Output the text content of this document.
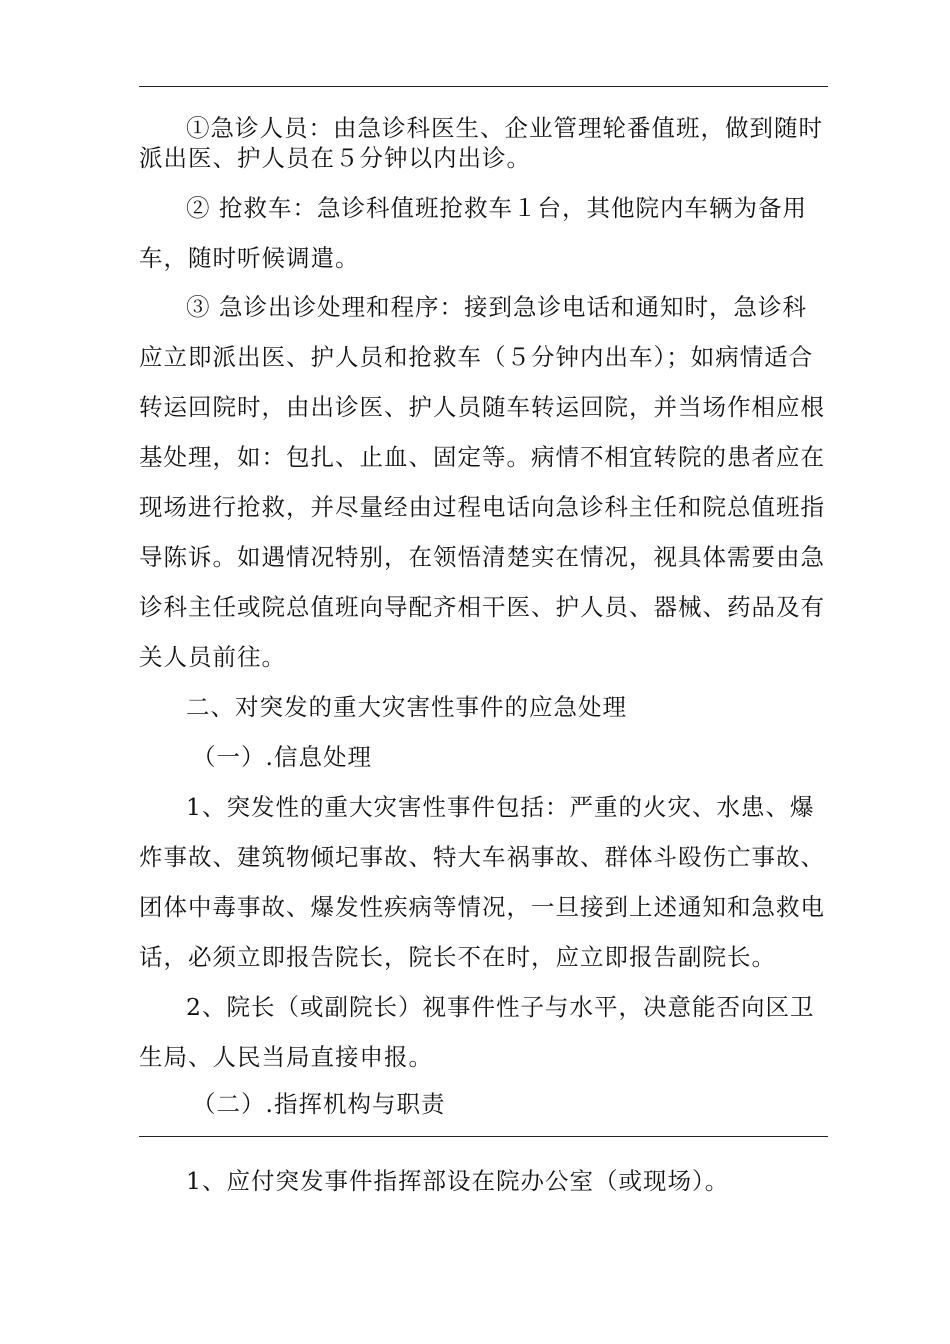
①急诊人员：由急诊科医生、企业管理轮番值班，做到随时
派出医、护人员在５分钟以内出诊。
② 抢救车：急诊科值班抢救车１台，其他院内车辆为备用
车，随时听候调遣。
③ 急诊出诊处理和程序：接到急诊电话和通知时，急诊科
应立即派出医、护人员和抢救车（５分钟内出车）；如病情适合
转运回院时，由出诊医、护人员随车转运回院，并当场作相应根
基处理，如：包扎、止血、固定等。病情不相宜转院的患者应在
现场进行抢救，并尽量经由过程电话向急诊科主任和院总值班指
导陈诉。如遇情况特别，在领悟清楚实在情况，视具体需要由急
诊科主任或院总值班向导配齐相干医、护人员、器械、药品及有
关人员前往。
二、对突发的重大灾害性事件的应急处理
（一）.信息处理
1、突发性的重大灾害性事件包括：严重的火灾、水患、爆
炸事故、建筑物倾圮事故、特大车祸事故、群体斗殴伤亡事故、
团体中毒事故、爆发性疾病等情况，一旦接到上述通知和急救电
话，必须立即报告院长，院长不在时，应立即报告副院长。
2、院长（或副院长）视事件性子与水平，决意能否向区卫
生局、人民当局直接申报。
（二）.指挥机构与职责
1、应付突发事件指挥部设在院办公室（或现场）。
